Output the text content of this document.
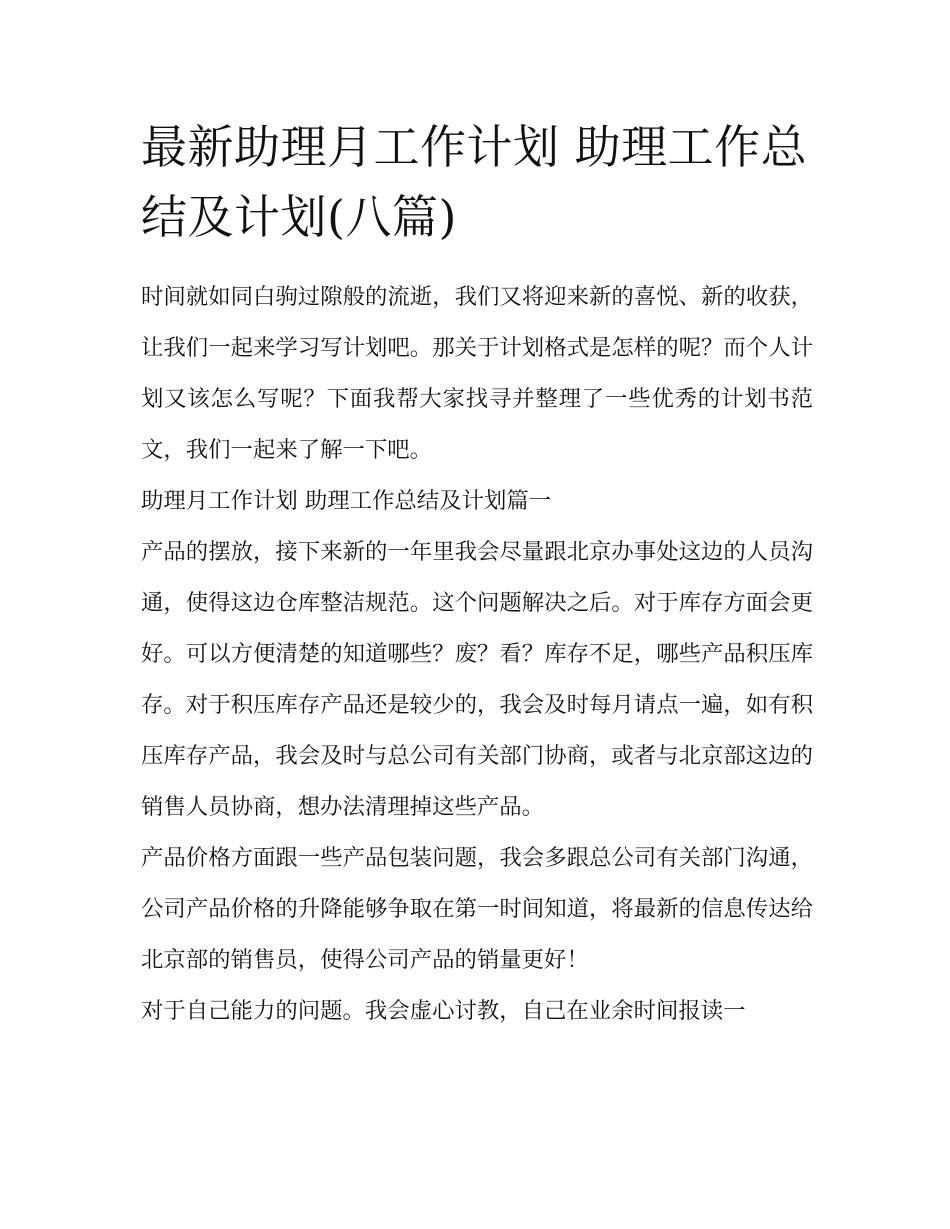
最新助理月工作计划 助理工作总结及计划(八篇)

时间就如同白驹过隙般的流逝，我们又将迎来新的喜悦、新的收获，让我们一起来学习写计划吧。那关于计划格式是怎样的呢？而个人计划又该怎么写呢？下面我帮大家找寻并整理了一些优秀的计划书范文，我们一起来了解一下吧。

助理月工作计划 助理工作总结及计划篇一

产品的摆放，接下来新的一年里我会尽量跟北京办事处这边的人员沟通，使得这边仓库整洁规范。这个问题解决之后。对于库存方面会更好。可以方便清楚的知道哪些？废？看？库存不足，哪些产品积压库存。对于积压库存产品还是较少的，我会及时每月请点一遍，如有积压库存产品，我会及时与总公司有关部门协商，或者与北京部这边的销售人员协商，想办法清理掉这些产品。

产品价格方面跟一些产品包装问题，我会多跟总公司有关部门沟通，公司产品价格的升降能够争取在第一时间知道，将最新的信息传达给北京部的销售员，使得公司产品的销量更好！

对于自己能力的问题。我会虚心讨教，自己在业余时间报读一
